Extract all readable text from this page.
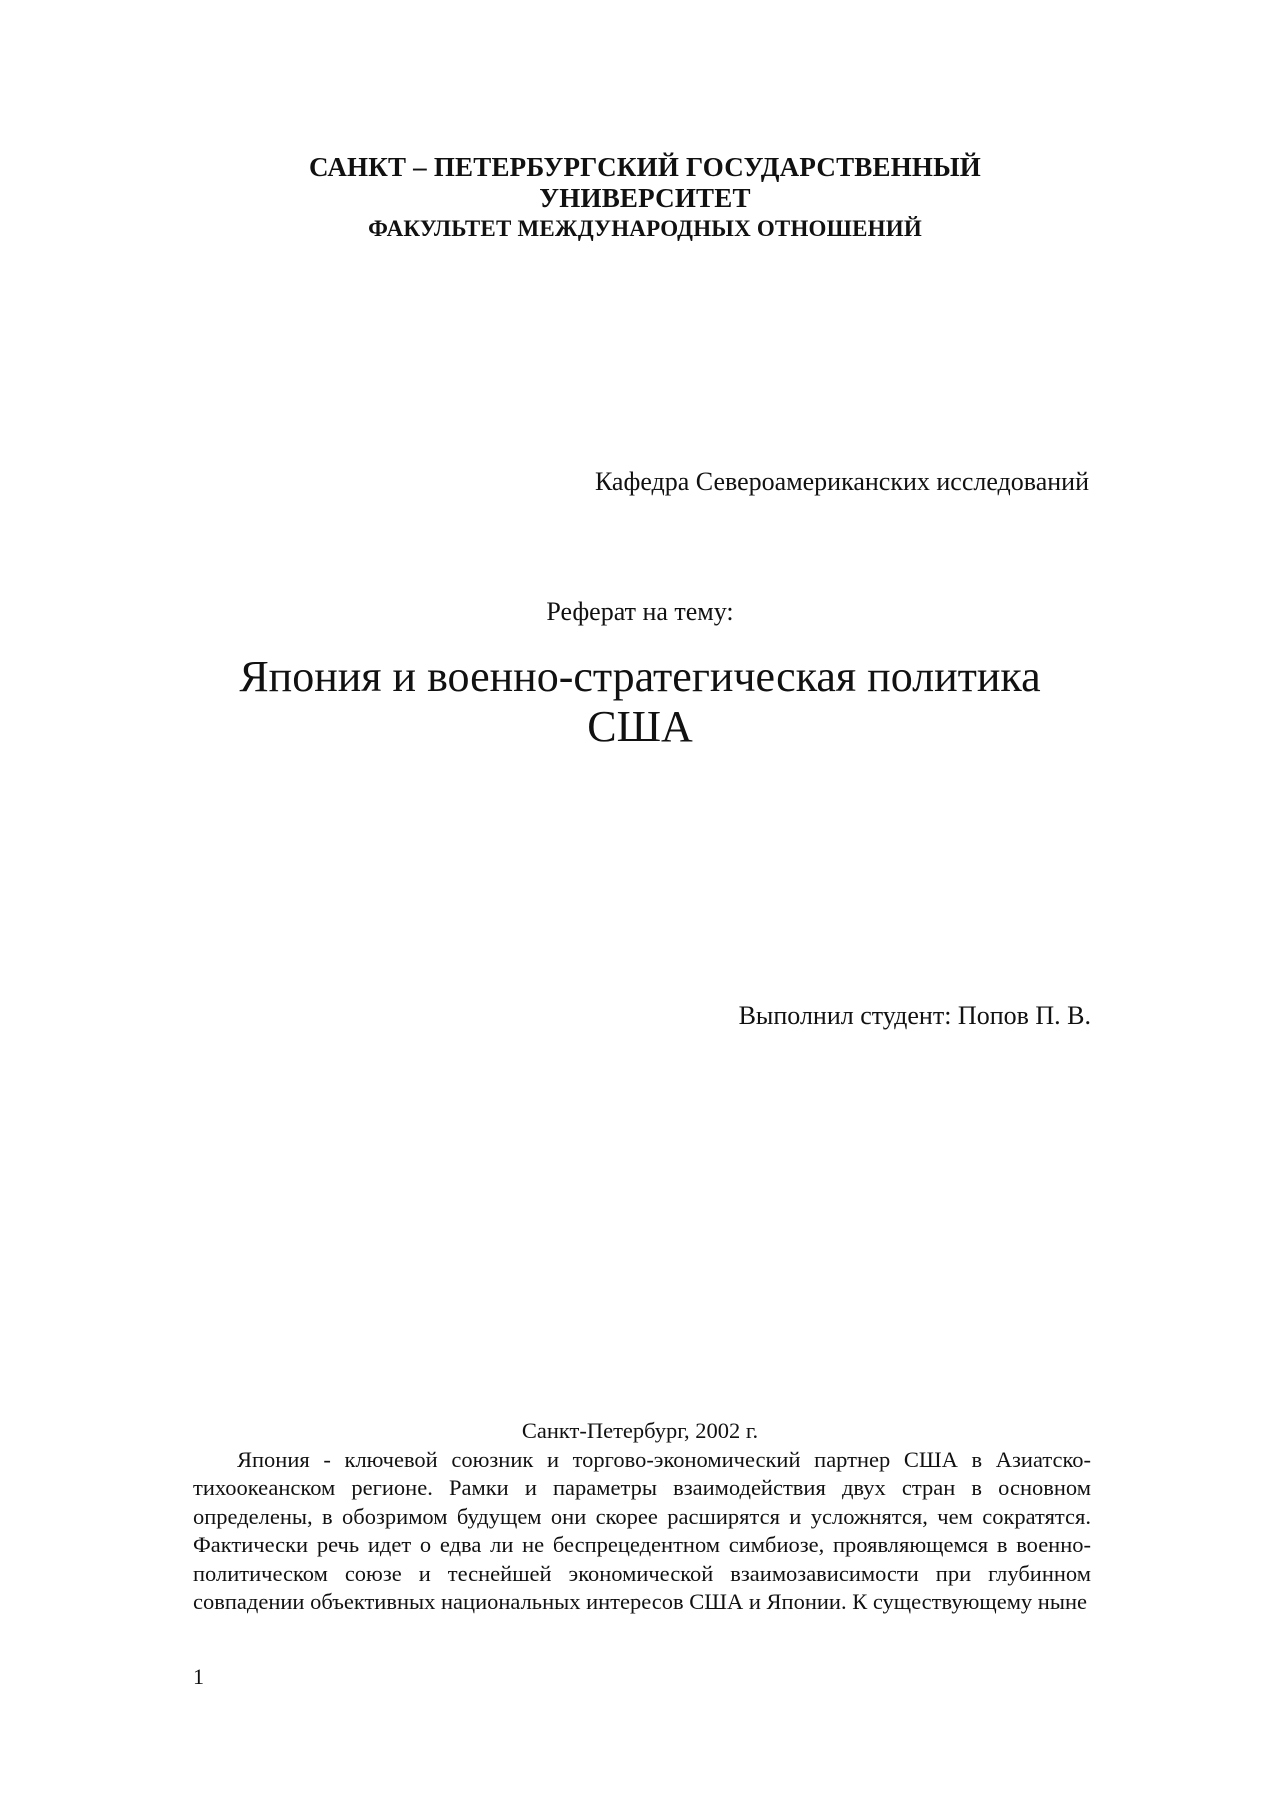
САНКТ – ПЕТЕРБУРГСКИЙ ГОСУДАРСТВЕННЫЙ
УНИВЕРСИТЕТ
ФАКУЛЬТЕТ МЕЖДУНАРОДНЫХ ОТНОШЕНИЙ
Кафедра Североамериканских исследований
Реферат на тему:
Япония и военно-стратегическая политика
США
Выполнил студент: Попов П. В.
Санкт-Петербург, 2002 г.

Япония - ключевой союзник и торгово-экономический партнер США в Азиатско-тихоокеанском регионе. Рамки и параметры взаимодействия двух стран в основном определены, в обозримом будущем они скорее расширятся и усложнятся, чем сократятся. Фактически речь идет о едва ли не беспрецедентном симбиозе, проявляющемся в военно-политическом союзе и теснейшей экономической взаимозависимости при глубинном совпадении объективных национальных интересов США и Японии. К существующему ныне

1
